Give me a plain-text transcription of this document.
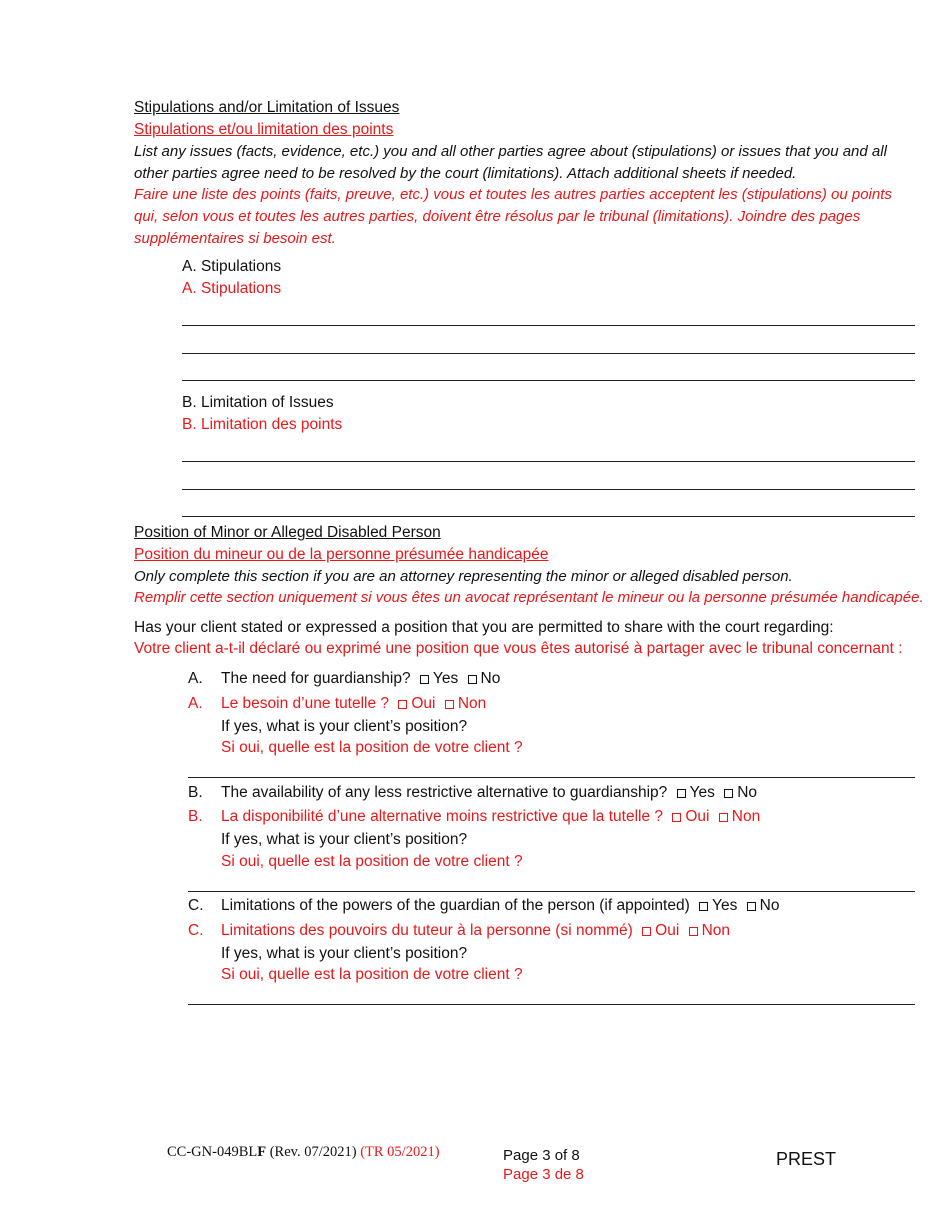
Stipulations and/or Limitation of Issues
Stipulations et/ou limitation des points
List any issues (facts, evidence, etc.) you and all other parties agree about (stipulations) or issues that you and all
other parties agree need to be resolved by the court (limitations). Attach additional sheets if needed.
Faire une liste des points (faits, preuve, etc.) vous et toutes les autres parties acceptent les (stipulations) ou points
qui, selon vous et toutes les autres parties, doivent être résolus par le tribunal (limitations). Joindre des pages
supplémentaires si besoin est.
A. Stipulations
A. Stipulations
B. Limitation of Issues
B. Limitation des points
Position of Minor or Alleged Disabled Person
Position du mineur ou de la personne présumée handicapée
Only complete this section if you are an attorney representing the minor or alleged disabled person.
Remplir cette section uniquement si vous êtes un avocat représentant le mineur ou la personne présumée handicapée.
Has your client stated or expressed a position that you are permitted to share with the court regarding:
Votre client a-t-il déclaré ou exprimé une position que vous êtes autorisé à partager avec le tribunal concernant :
A. The need for guardianship? Yes No
A. Le besoin d’une tutelle ? Oui Non
If yes, what is your client’s position?
Si oui, quelle est la position de votre client ?
B. The availability of any less restrictive alternative to guardianship? Yes No
B. La disponibilité d’une alternative moins restrictive que la tutelle ? Oui Non
If yes, what is your client’s position?
Si oui, quelle est la position de votre client ?
C. Limitations of the powers of the guardian of the person (if appointed) Yes No
C. Limitations des pouvoirs du tuteur à la personne (si nommé) Oui Non
If yes, what is your client’s position?
Si oui, quelle est la position de votre client ?
CC-GN-049BLF (Rev. 07/2021) (TR 05/2021)	Page 3 of 8
Page 3 de 8
PREST
